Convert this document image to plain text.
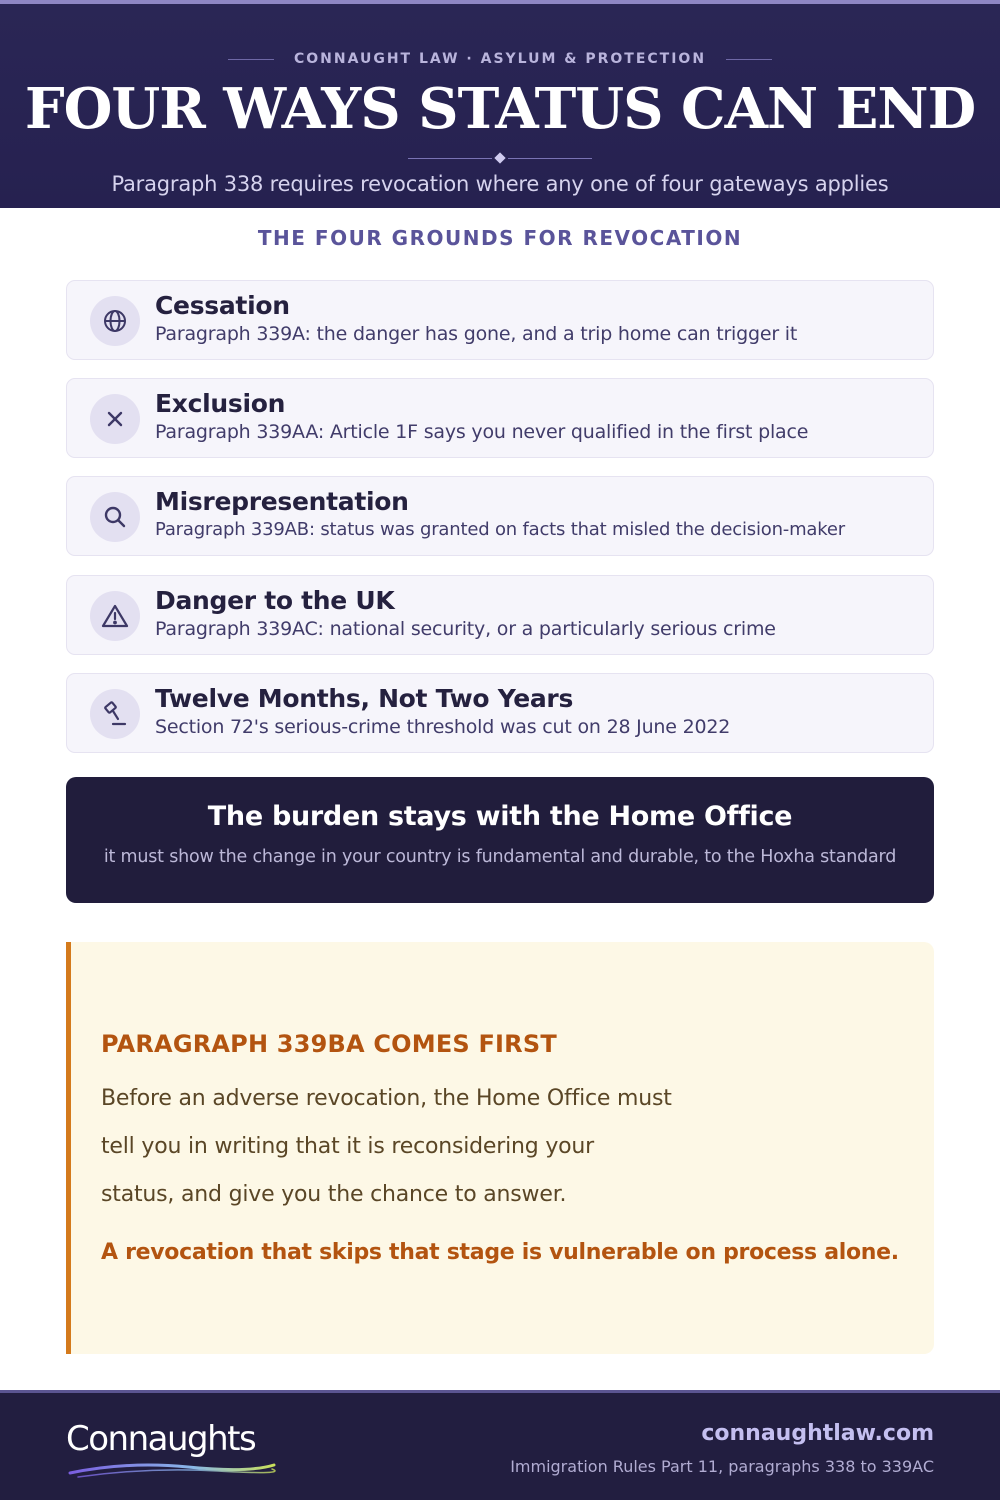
CONNAUGHT LAW · ASYLUM & PROTECTION
FOUR WAYS STATUS CAN END
Paragraph 338 requires revocation where any one of four gateways applies
THE FOUR GROUNDS FOR REVOCATION
Cessation
Paragraph 339A: the danger has gone, and a trip home can trigger it
Exclusion
Paragraph 339AA: Article 1F says you never qualified in the first place
Misrepresentation
Paragraph 339AB: status was granted on facts that misled the decision-maker
Danger to the UK
Paragraph 339AC: national security, or a particularly serious crime
Twelve Months, Not Two Years
Section 72's serious-crime threshold was cut on 28 June 2022
The burden stays with the Home Office
it must show the change in your country is fundamental and durable, to the Hoxha standard
PARAGRAPH 339BA COMES FIRST
Before an adverse revocation, the Home Office must
tell you in writing that it is reconsidering your
status, and give you the chance to answer.
A revocation that skips that stage is vulnerable on process alone.
Connaughts	connaughtlaw.com
Immigration Rules Part 11, paragraphs 338 to 339AC
